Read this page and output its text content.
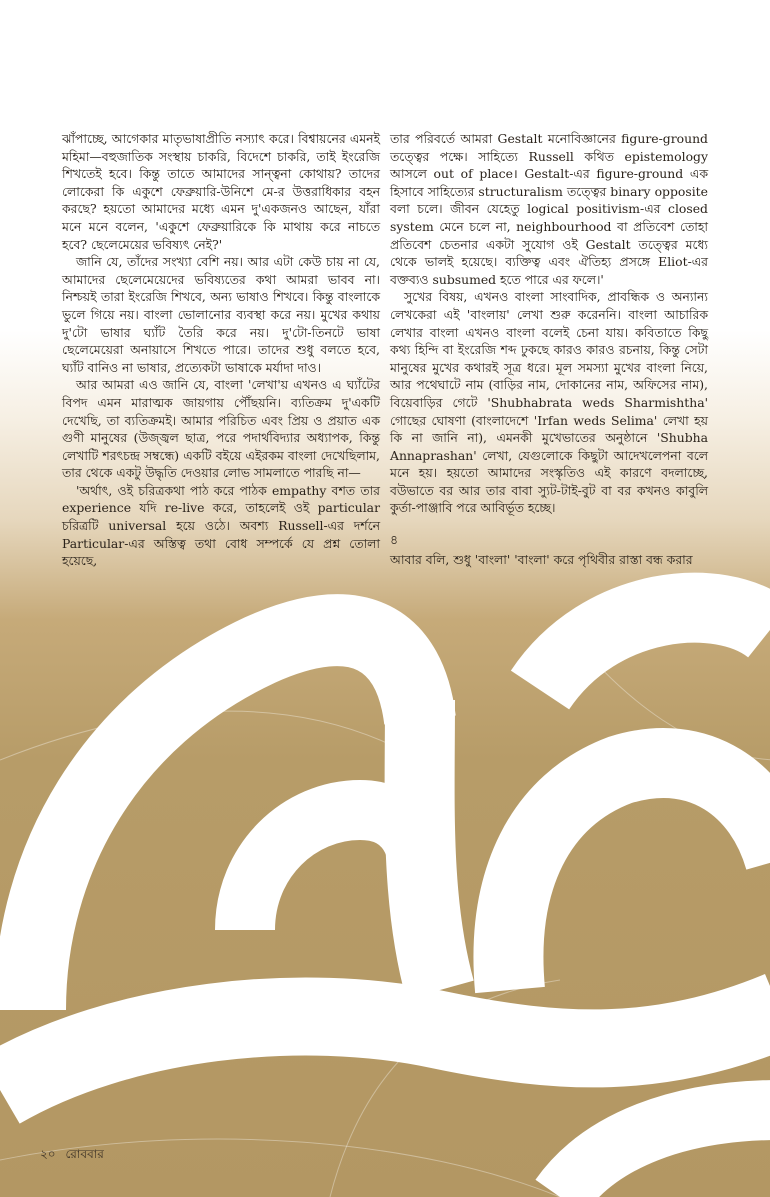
ঝাঁপাচ্ছে, আগেকার মাতৃভাষাপ্রীতি নস্যাৎ করে। বিশ্বায়নের এমনই মহিমা—বহুজাতিক সংস্থায় চাকরি, বিদেশে চাকরি, তাই ইংরেজি শিখতেই হবে। কিন্তু তাতে আমাদের সান্ত্বনা কোথায়? তাদের লোকেরা কি একুশে ফেব্রুয়ারি-উনিশে মে-র উত্তরাধিকার বহন করছে? হয়তো আমাদের মধ্যে এমন দু'একজনও আছেন, যাঁরা মনে মনে বলেন, 'একুশে ফেব্রুয়ারিকে কি মাথায় করে নাচতে হবে? ছেলেমেয়ের ভবিষ্যৎ নেই?'

জানি যে, তাঁদের সংখ্যা বেশি নয়। আর এটা কেউ চায় না যে, আমাদের ছেলেমেয়েদের ভবিষ্যতের কথা আমরা ভাবব না। নিশ্চয়ই তারা ইংরেজি শিখবে, অন্য ভাষাও শিখবে। কিন্তু বাংলাকে ভুলে গিয়ে নয়। বাংলা ভোলানোর ব্যবস্থা করে নয়। মুখের কথায় দু'টো ভাষার ঘ্যাঁট তৈরি করে নয়। দু'টো-তিনটে ভাষা ছেলেমেয়েরা অনায়াসে শিখতে পারে। তাদের শুধু বলতে হবে, ঘ্যাঁট বানিও না ভাষার, প্রত্যেকটা ভাষাকে মর্যাদা দাও।

আর আমরা এও জানি যে, বাংলা 'লেখা'য় এখনও এ ঘ্যাঁটের বিপদ এমন মারাত্মক জায়গায় পৌঁছয়নি। ব্যতিক্রম দু'একটি দেখেছি, তা ব্যতিক্রমই। আমার পরিচিত এবং প্রিয় ও প্রয়াত এক গুণী মানুষের (উজ্জ্বল ছাত্র, পরে পদার্থবিদ্যার অধ্যাপক, কিন্তু লেখাটি শরৎচন্দ্র সম্বন্ধে) একটি বইয়ে এইরকম বাংলা দেখেছিলাম, তার থেকে একটু উদ্ধৃতি দেওয়ার লোভ সামলাতে পারছি না—

'অর্থাৎ, ওই চরিত্রকথা পাঠ করে পাঠক empathy বশত তার experience যদি re-live করে, তাহলেই ওই particular চরিত্রটি universal হয়ে ওঠে। অবশ্য Russell-এর দর্শনে Particular-এর অস্তিত্ব তথা বোধ সম্পর্কে যে প্রশ্ন তোলা হয়েছে,

তার পরিবর্তে আমরা Gestalt মনোবিজ্ঞানের figure-ground তত্ত্বের পক্ষে। সাহিত্যে Russell কথিত epistemology আসলে out of place। Gestalt-এর figure-ground এক হিসাবে সাহিত্যের structuralism তত্ত্বের binary opposite বলা চলে। জীবন যেহেতু logical positivism-এর closed system মেনে চলে না, neighbourhood বা প্রতিবেশ তোহা প্রতিবেশ চেতনার একটা সুযোগ ওই Gestalt তত্ত্বের মধ্যে থেকে ভালই হয়েছে। ব্যক্তিত্ব এবং ঐতিহ্য প্রসঙ্গে Eliot-এর বক্তব্যও subsumed হতে পারে এর ফলে।'

সুখের বিষয়, এখনও বাংলা সাংবাদিক, প্রাবন্ধিক ও অন্যান্য লেখকেরা এই 'বাংলায়' লেখা শুরু করেননি। বাংলা আচারিক লেখার বাংলা এখনও বাংলা বলেই চেনা যায়। কবিতাতে কিছু কথ্য হিন্দি বা ইংরেজি শব্দ ঢুকছে কারও কারও রচনায়, কিন্তু সেটা মানুষের মুখের কথারই সূত্র ধরে। মূল সমস্যা মুখের বাংলা নিয়ে, আর পথেঘাটে নাম (বাড়ির নাম, দোকানের নাম, অফিসের নাম), বিয়েবাড়ির গেটে 'Shubhabrata weds Sharmishtha' গোছের ঘোষণা (বাংলাদেশে 'Irfan weds Selima' লেখা হয় কি না জানি না), এমনকী মুখেভাতের অনুষ্ঠানে 'Shubha Annaprashan' লেখা, যেগুলোকে কিছুটা আদেখলেপনা বলে মনে হয়। হয়তো আমাদের সংস্কৃতিও এই কারণে বদলাচ্ছে, বউভাতে বর আর তার বাবা স্যুট-টাই-বুট বা বর কখনও কাবুলি কুর্তা-পাঞ্জাবি পরে আবির্ভূত হচ্ছে।

৪

আবার বলি, শুধু 'বাংলা' 'বাংলা' করে পৃথিবীর রাস্তা বন্ধ করার

২০ রোববার
